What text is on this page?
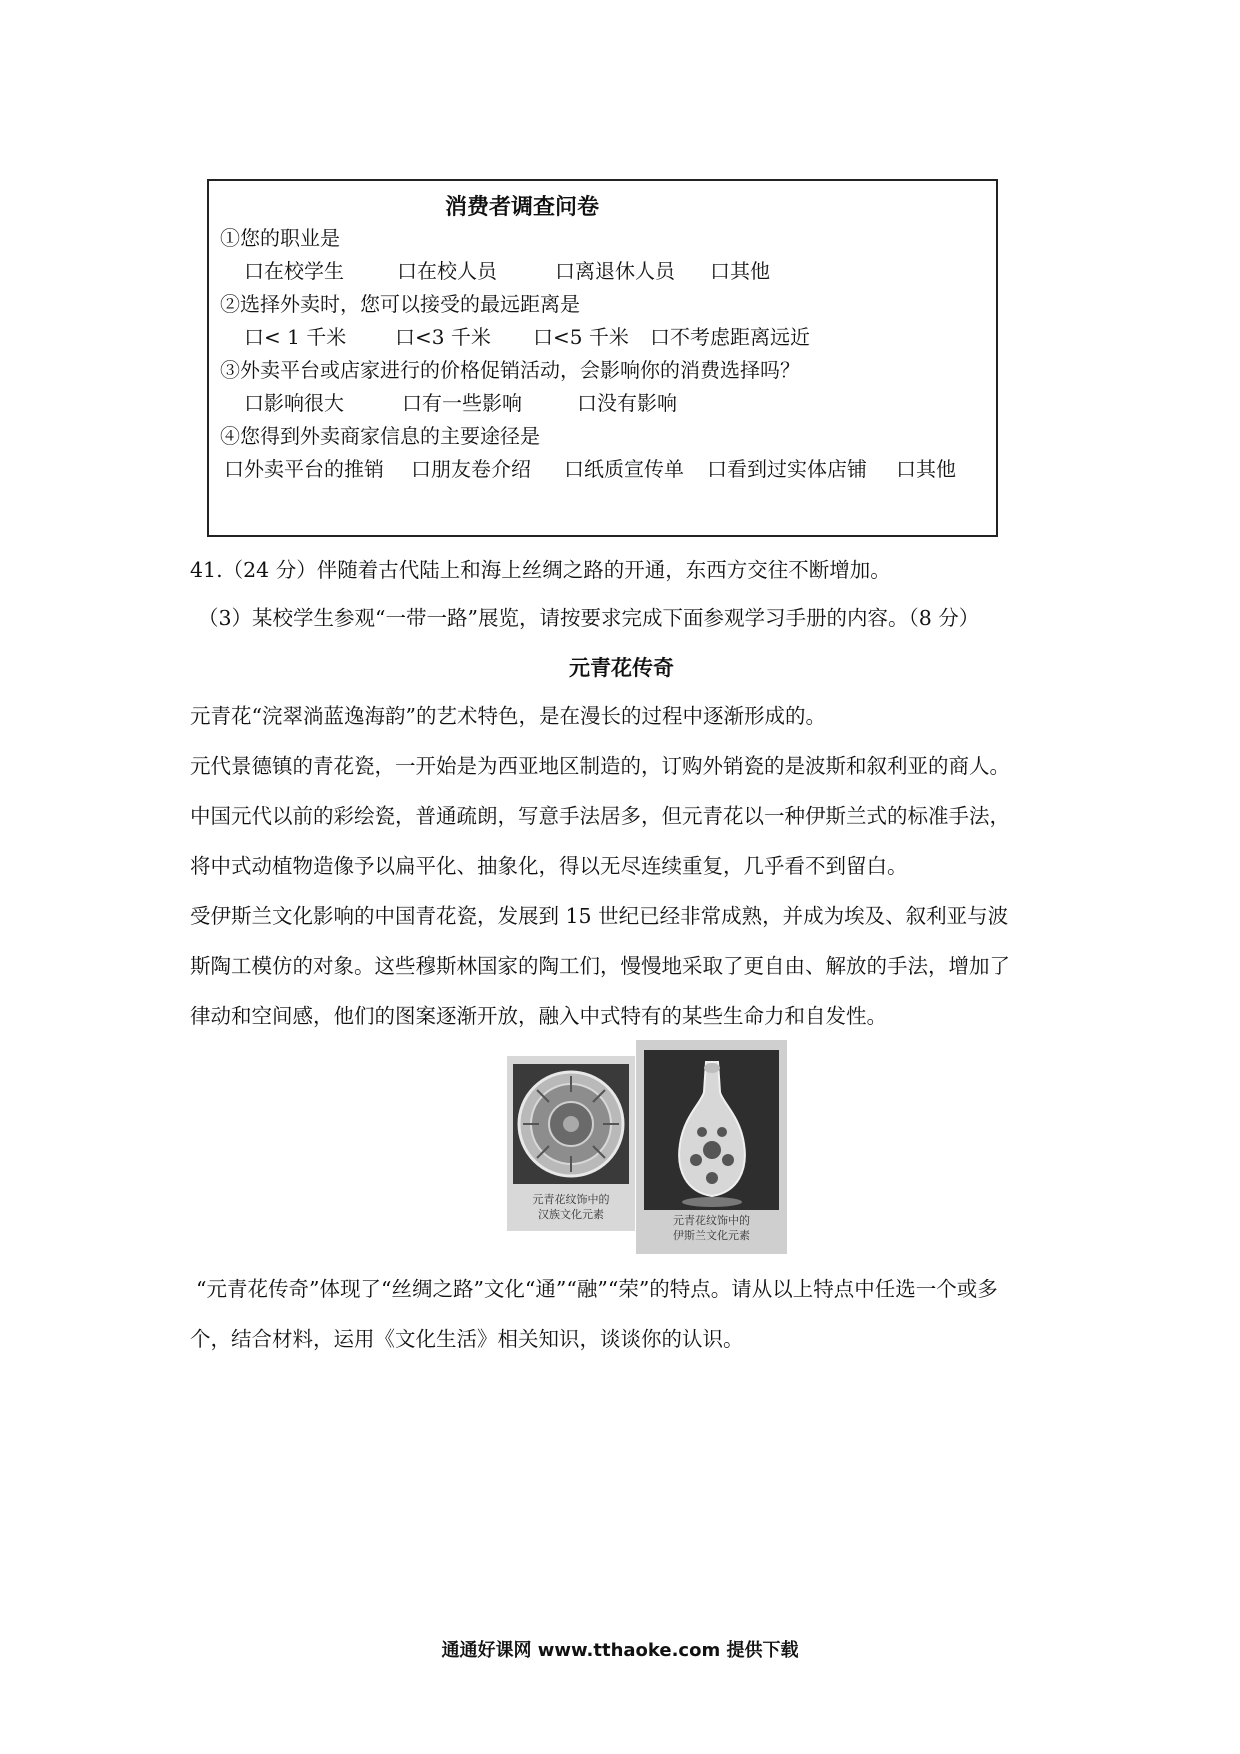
消费者调查问卷
①您的职业是
口在校学生	口在校人员	口离退休人员 口其他
②选择外卖时，您可以接受的最远距离是
口< 1 千米 口<3 千米 口<5 千米 口不考虑距离远近
③外卖平台或店家进行的价格促销活动，会影响你的消费选择吗？
口影响很大	口有一些影响	口没有影响
④您得到外卖商家信息的主要途径是
口外卖平台的推销 口朋友卷介绍 口纸质宣传单 口看到过实体店铺 口其他
41.（24 分）伴随着古代陆上和海上丝绸之路的开通，东西方交往不断增加。
（3）某校学生参观“一带一路”展览，请按要求完成下面参观学习手册的内容。（8 分）
元青花传奇
元青花“浣翠淌蓝逸海韵”的艺术特色，是在漫长的过程中逐渐形成的。
元代景德镇的青花瓷，一开始是为西亚地区制造的，订购外销瓷的是波斯和叙利亚的商人。
中国元代以前的彩绘瓷，普通疏朗，写意手法居多，但元青花以一种伊斯兰式的标准手法，
将中式动植物造像予以扁平化、抽象化，得以无尽连续重复，几乎看不到留白。
受伊斯兰文化影响的中国青花瓷，发展到 15 世纪已经非常成熟，并成为埃及、叙利亚与波
斯陶工模仿的对象。这些穆斯林国家的陶工们，慢慢地采取了更自由、解放的手法，增加了
律动和空间感，他们的图案逐渐开放，融入中式特有的某些生命力和自发性。
元青花纹饰中的
汉族文化元素	元青花纹饰中的
伊斯兰文化元素
“元青花传奇”体现了“丝绸之路”文化“通”“融”“荣”的特点。请从以上特点中任选一个或多
个，结合材料，运用《文化生活》相关知识，谈谈你的认识。
通通好课网 www.tthaoke.com 提供下载
